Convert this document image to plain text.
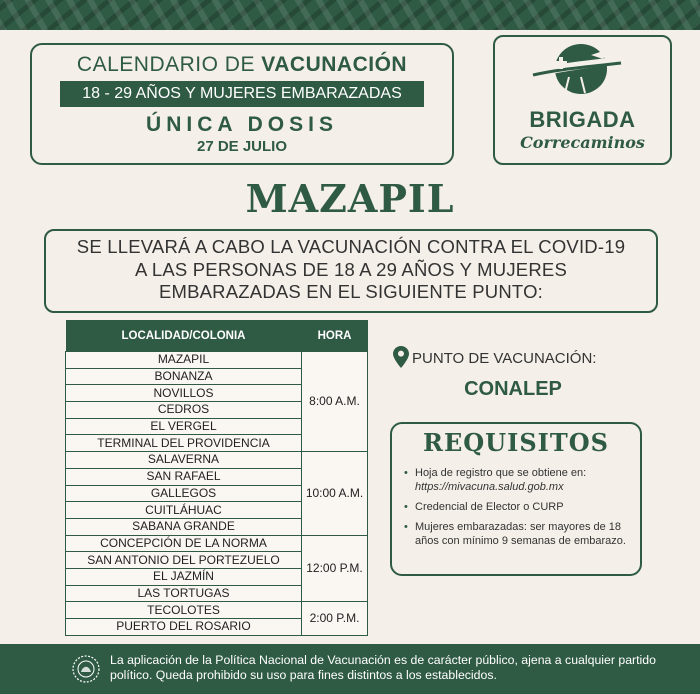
CALENDARIO DE VACUNACIÓN
18 - 29 AÑOS Y MUJERES EMBARAZADAS
ÚNICA DOSIS
27 DE JULIO
BRIGADA
Correcaminos
MAZAPIL
SE LLEVARÁ A CABO LA VACUNACIÓN CONTRA EL COVID-19
A LAS PERSONAS DE 18 A 29 AÑOS Y MUJERES
EMBARAZADAS EN EL SIGUIENTE PUNTO:
LOCALIDAD/COLONIA	HORA
MAZAPIL	8:00 A.M.
BONANZA	
NOVILLOS	
CEDROS	
EL VERGEL	
TERMINAL DEL PROVIDENCIA	
SALAVERNA	10:00 A.M.
SAN RAFAEL	
GALLEGOS	
CUITLÁHUAC	
SABANA GRANDE	
CONCEPCIÓN DE LA NORMA	12:00 P.M.
SAN ANTONIO DEL PORTEZUELO	
EL JAZMÍN	
LAS TORTUGAS	
TECOLOTES	2:00 P.M.
PUERTO DEL ROSARIO	
PUNTO DE VACUNACIÓN:
CONALEP
REQUISITOS
• Hoja de registro que se obtiene en: https://mivacuna.salud.gob.mx
• Credencial de Elector o CURP
• Mujeres embarazadas: ser mayores de 18 años con mínimo 9 semanas de embarazo.
La aplicación de la Política Nacional de Vacunación es de carácter público, ajena a cualquier partido político. Queda prohibido su uso para fines distintos a los establecidos.
